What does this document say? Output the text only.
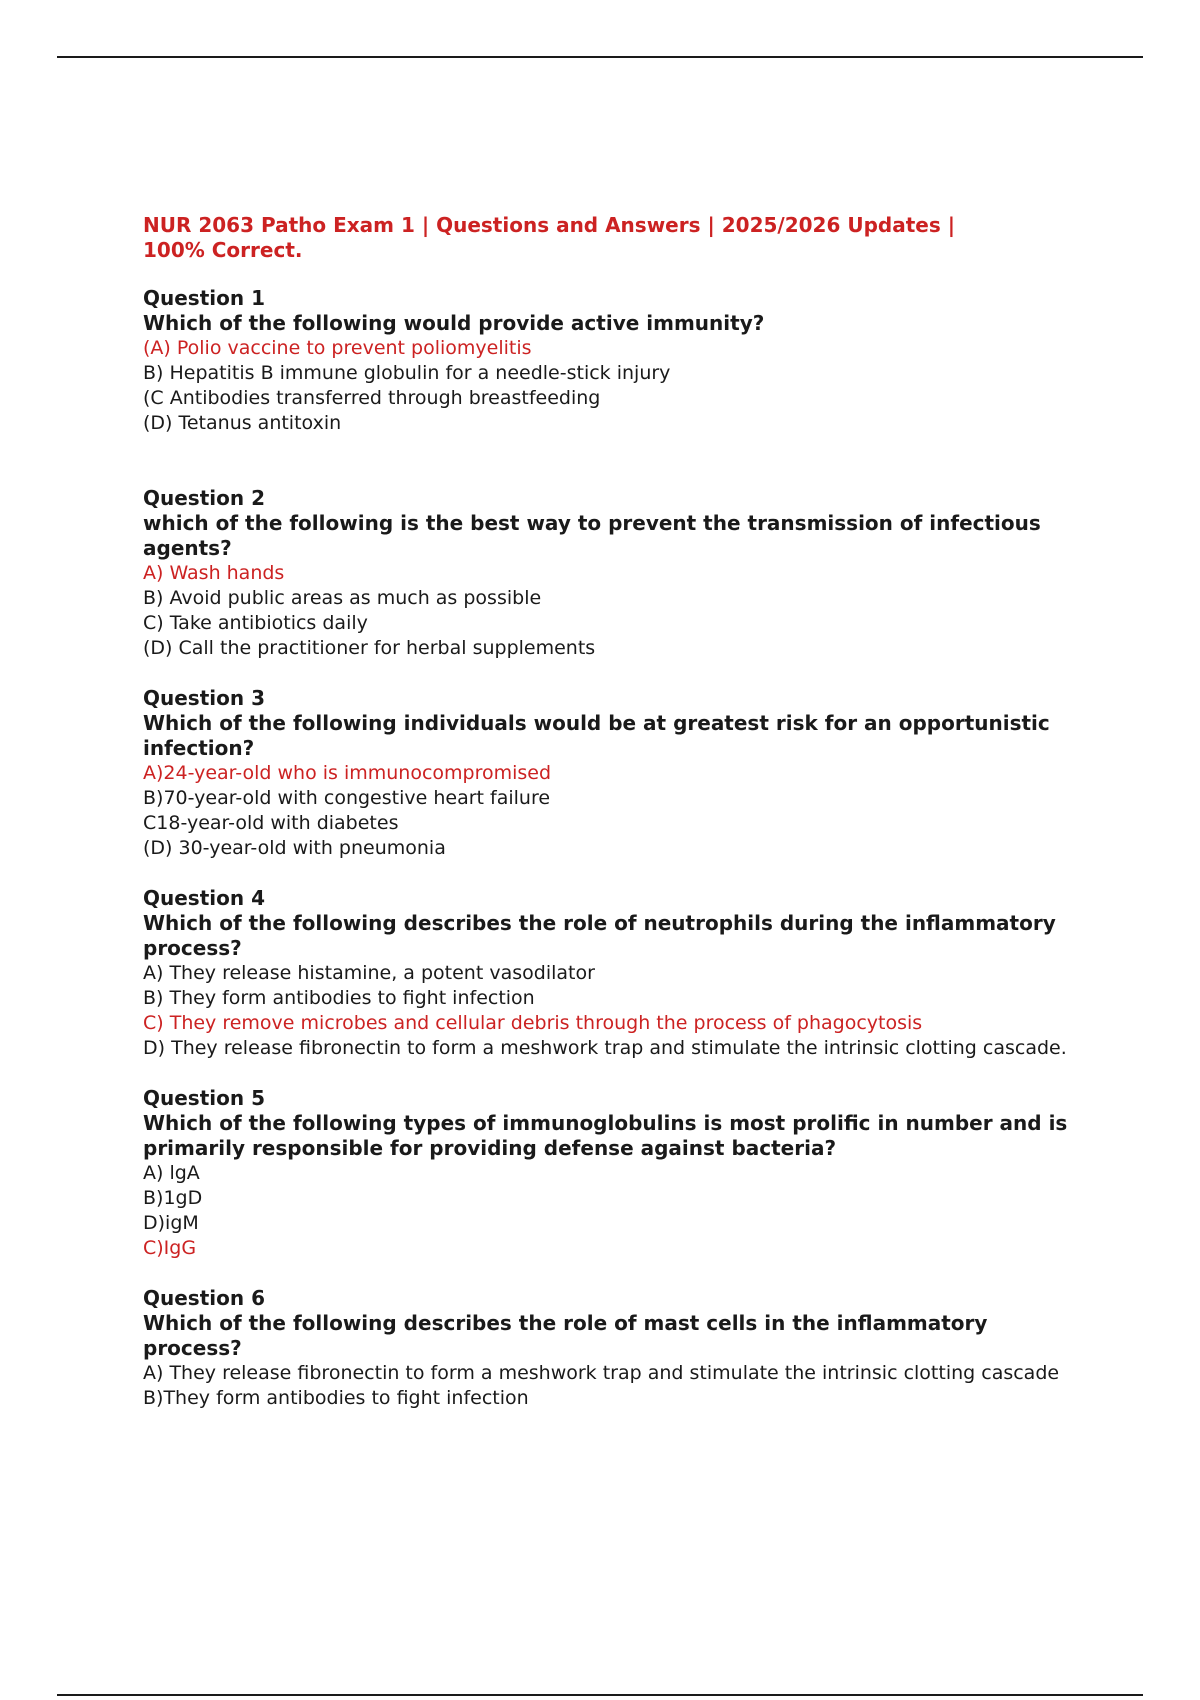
NUR 2063 Patho Exam 1 | Questions and Answers | 2025/2026 Updates |
100% Correct.
Question 1
Which of the following would provide active immunity?
(A) Polio vaccine to prevent poliomyelitis
B) Hepatitis B immune globulin for a needle-stick injury
(C Antibodies transferred through breastfeeding
(D) Tetanus antitoxin
Question 2
which of the following is the best way to prevent the transmission of infectious agents?
A) Wash hands
B) Avoid public areas as much as possible
C) Take antibiotics daily
(D) Call the practitioner for herbal supplements
Question 3
Which of the following individuals would be at greatest risk for an opportunistic infection?
A)24-year-old who is immunocompromised
B)70-year-old with congestive heart failure
C18-year-old with diabetes
(D) 30-year-old with pneumonia
Question 4
Which of the following describes the role of neutrophils during the inflammatory process?
A) They release histamine, a potent vasodilator
B) They form antibodies to fight infection
C) They remove microbes and cellular debris through the process of phagocytosis
D) They release fibronectin to form a meshwork trap and stimulate the intrinsic clotting cascade.
Question 5
Which of the following types of immunoglobulins is most prolific in number and is primarily responsible for providing defense against bacteria?
A) lgA
B)1gD
D)igM
C)IgG
Question 6
Which of the following describes the role of mast cells in the inflammatory process?
A) They release fibronectin to form a meshwork trap and stimulate the intrinsic clotting cascade
B)They form antibodies to fight infection
